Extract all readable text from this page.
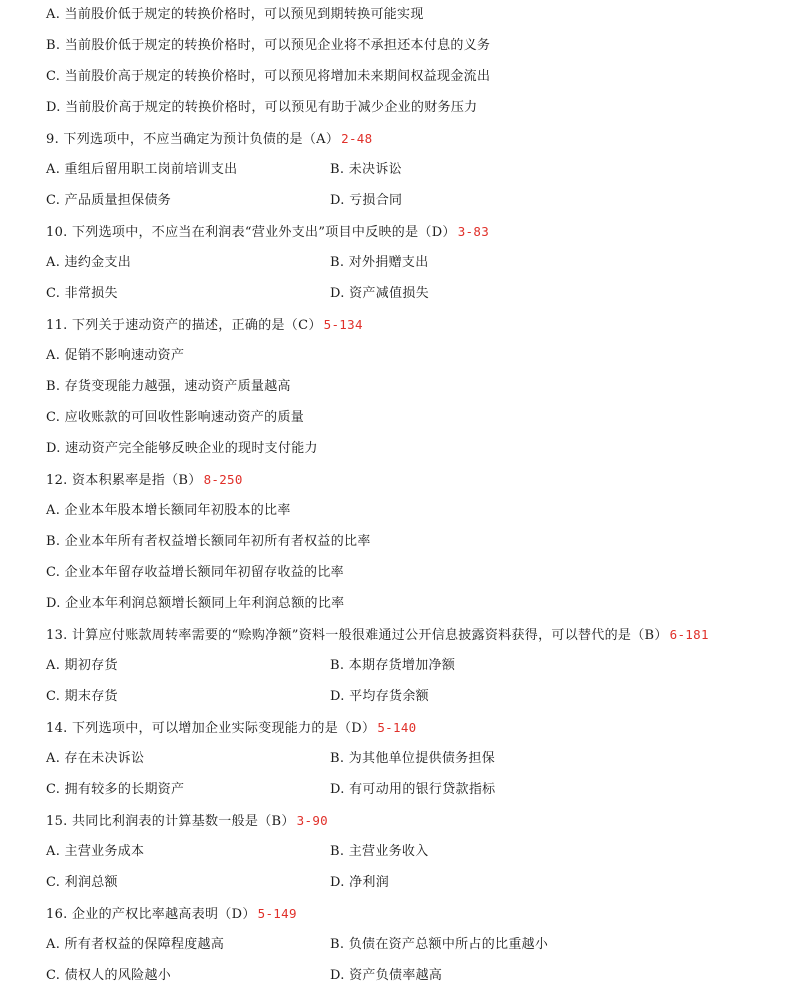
A. 当前股价低于规定的转换价格时，可以预见到期转换可能实现
B. 当前股价低于规定的转换价格时，可以预见企业将不承担还本付息的义务
C. 当前股价高于规定的转换价格时，可以预见将增加未来期间权益现金流出
D. 当前股价高于规定的转换价格时，可以预见有助于减少企业的财务压力
9. 下列选项中，不应当确定为预计负债的是（A） 2-48
A. 重组后留用职工岗前培训支出	B. 未决诉讼
C. 产品质量担保债务	D. 亏损合同
10. 下列选项中，不应当在利润表“营业外支出”项目中反映的是（D） 3-83
A. 违约金支出	B. 对外捐赠支出
C. 非常损失	D. 资产减值损失
11. 下列关于速动资产的描述，正确的是（C） 5-134
A. 促销不影响速动资产
B. 存货变现能力越强，速动资产质量越高
C. 应收账款的可回收性影响速动资产的质量
D. 速动资产完全能够反映企业的现时支付能力
12. 资本积累率是指（B） 8-250
A. 企业本年股本增长额同年初股本的比率
B. 企业本年所有者权益增长额同年初所有者权益的比率
C. 企业本年留存收益增长额同年初留存收益的比率
D. 企业本年利润总额增长额同上年利润总额的比率
13. 计算应付账款周转率需要的“赊购净额”资料一般很难通过公开信息披露资料获得，可以替代的是（B） 6-181
A. 期初存货	B. 本期存货增加净额
C. 期末存货	D. 平均存货余额
14. 下列选项中，可以增加企业实际变现能力的是（D） 5-140
A. 存在未决诉讼	B. 为其他单位提供债务担保
C. 拥有较多的长期资产	D. 有可动用的银行贷款指标
15. 共同比利润表的计算基数一般是（B） 3-90
A. 主营业务成本	B. 主营业务收入
C. 利润总额	D. 净利润
16. 企业的产权比率越高表明（D） 5-149
A. 所有者权益的保障程度越高	B. 负债在资产总额中所占的比重越小
C. 债权人的风险越小	D. 资产负债率越高
